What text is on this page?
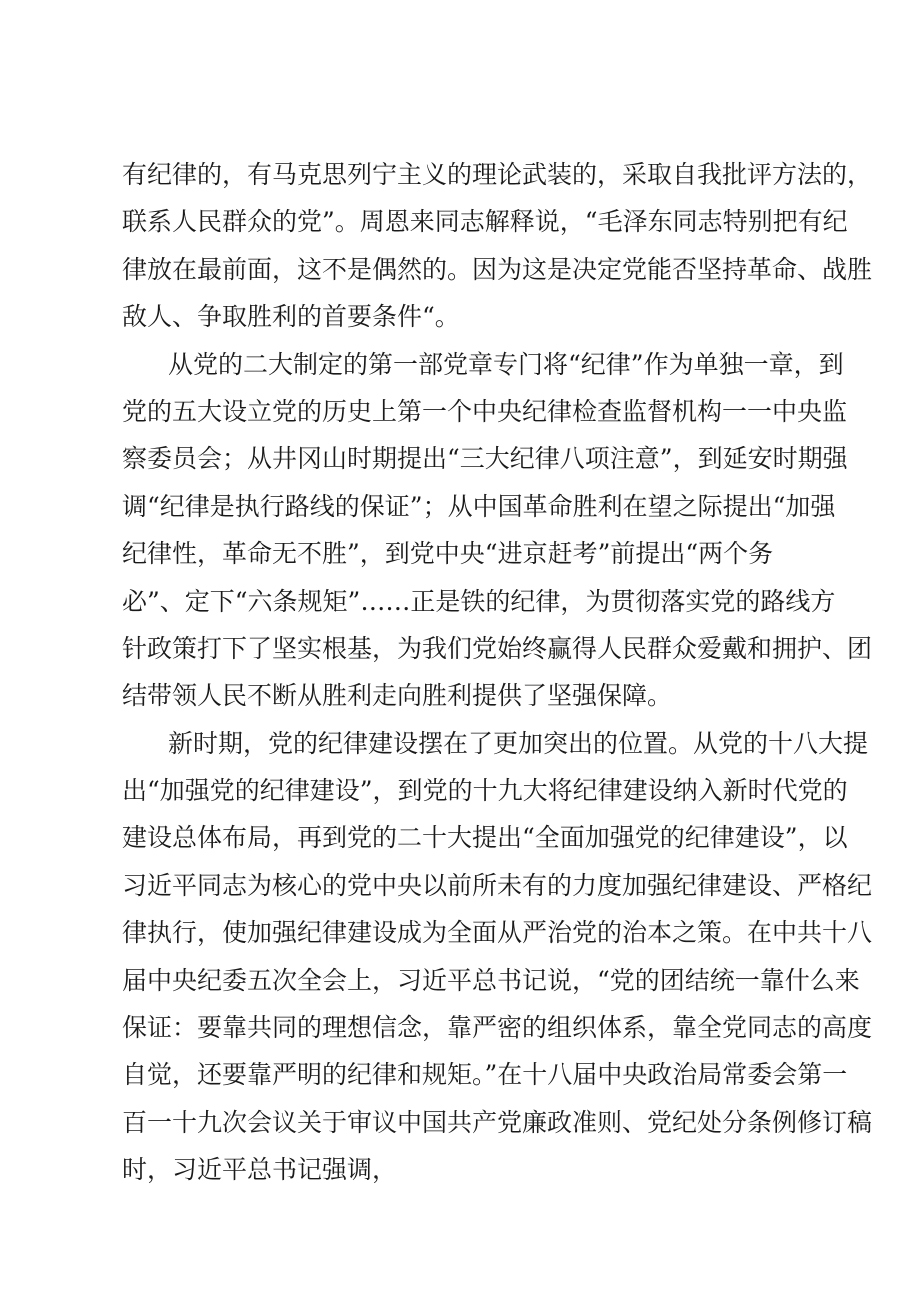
有纪律的，有马克思列宁主义的理论武装的，采取自我批评方法的，
联系人民群众的党”。周恩来同志解释说，“毛泽东同志特别把有纪
律放在最前面，这不是偶然的。因为这是决定党能否坚持革命、战胜
敌人、争取胜利的首要条件“。
从党的二大制定的第一部党章专门将“纪律”作为单独一章，到
党的五大设立党的历史上第一个中央纪律检查监督机构一一中央监
察委员会；从井冈山时期提出“三大纪律八项注意”，到延安时期强
调“纪律是执行路线的保证”；从中国革命胜利在望之际提出“加强
纪律性，革命无不胜”，到党中央“进京赶考”前提出“两个务
必”、定下“六条规矩”……正是铁的纪律，为贯彻落实党的路线方
针政策打下了坚实根基，为我们党始终赢得人民群众爱戴和拥护、团
结带领人民不断从胜利走向胜利提供了坚强保障。
新时期，党的纪律建设摆在了更加突出的位置。从党的十八大提
出“加强党的纪律建设”，到党的十九大将纪律建设纳入新时代党的
建设总体布局，再到党的二十大提出“全面加强党的纪律建设”，以
习近平同志为核心的党中央以前所未有的力度加强纪律建设、严格纪
律执行，使加强纪律建设成为全面从严治党的治本之策。在中共十八
届中央纪委五次全会上，习近平总书记说，“党的团结统一靠什么来
保证：要靠共同的理想信念，靠严密的组织体系，靠全党同志的高度
自觉，还要靠严明的纪律和规矩。”在十八届中央政治局常委会第一
百一十九次会议关于审议中国共产党廉政准则、党纪处分条例修订稿
时，习近平总书记强调，
